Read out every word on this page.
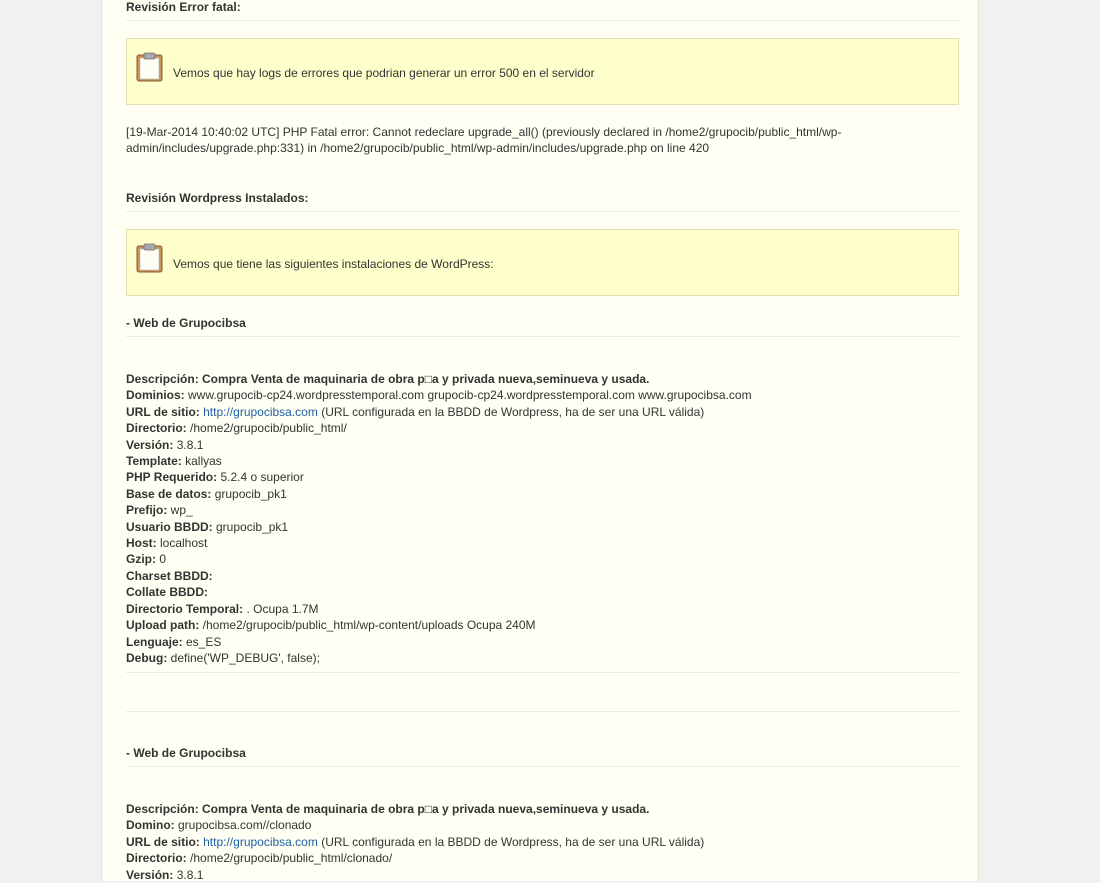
Revisión Error fatal:
Vemos que hay logs de errores que podrian generar un error 500 en el servidor
[19-Mar-2014 10:40:02 UTC] PHP Fatal error: Cannot redeclare upgrade_all() (previously declared in /home2/grupocib/public_html/wp-admin/includes/upgrade.php:331) in /home2/grupocib/public_html/wp-admin/includes/upgrade.php on line 420
Revisión Wordpress Instalados:
Vemos que tiene las siguientes instalaciones de WordPress:
- Web de Grupocibsa
Descripción: Compra Venta de maquinaria de obra p□a y privada nueva,seminueva y usada.
Dominios: www.grupocib-cp24.wordpresstemporal.com grupocib-cp24.wordpresstemporal.com www.grupocibsa.com
URL de sitio: http://grupocibsa.com (URL configurada en la BBDD de Wordpress, ha de ser una URL válida)
Directorio: /home2/grupocib/public_html/
Versión: 3.8.1
Template: kallyas
PHP Requerido: 5.2.4 o superior
Base de datos: grupocib_pk1
Prefijo: wp_
Usuario BBDD: grupocib_pk1
Host: localhost
Gzip: 0
Charset BBDD:
Collate BBDD:
Directorio Temporal: . Ocupa 1.7M
Upload path: /home2/grupocib/public_html/wp-content/uploads Ocupa 240M
Lenguaje: es_ES
Debug: define('WP_DEBUG', false);
- Web de Grupocibsa
Descripción: Compra Venta de maquinaria de obra p□a y privada nueva,seminueva y usada.
Domino: grupocibsa.com//clonado
URL de sitio: http://grupocibsa.com (URL configurada en la BBDD de Wordpress, ha de ser una URL válida)
Directorio: /home2/grupocib/public_html/clonado/
Versión: 3.8.1
